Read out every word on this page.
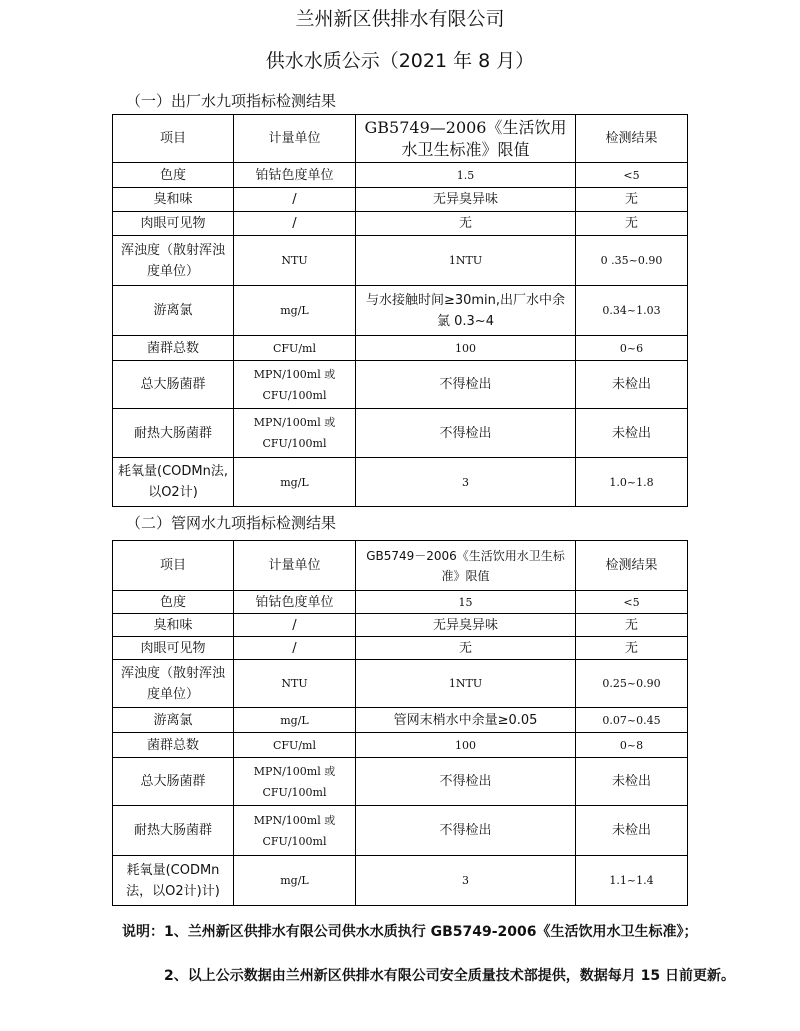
兰州新区供排水有限公司
供水水质公示（2021 年 8 月）
（一）出厂水九项指标检测结果
项目	计量单位	GB5749—2006《生活饮用水卫生标准》限值	检测结果
色度	铂钴色度单位	1.5	<5
臭和味	/	无异臭异味	无
肉眼可见物	/	无	无
浑浊度（散射浑浊度单位）	NTU	1NTU	0 .35~0.90
游离氯	mg/L	与水接触时间≥30min,出厂水中余氯 0.3~4	0.34~1.03
菌群总数	CFU/ml	100	0~6
总大肠菌群	MPN/100ml 或 CFU/100ml	不得检出	未检出
耐热大肠菌群	MPN/100ml 或 CFU/100ml	不得检出	未检出
耗氧量(CODMn法,以O2计)	mg/L	3	1.0~1.8
（二）管网水九项指标检测结果
项目	计量单位	GB5749－2006《生活饮用水卫生标准》限值	检测结果
色度	铂钴色度单位	15	<5
臭和味	/	无异臭异味	无
肉眼可见物	/	无	无
浑浊度（散射浑浊度单位）	NTU	1NTU	0.25~0.90
游离氯	mg/L	管网末梢水中余量≥0.05	0.07~0.45
菌群总数	CFU/ml	100	0~8
总大肠菌群	MPN/100ml 或 CFU/100ml	不得检出	未检出
耐热大肠菌群	MPN/100ml 或 CFU/100ml	不得检出	未检出
耗氧量(CODMn法，以O2计)计)	mg/L	3	1.1~1.4
说明：1、兰州新区供排水有限公司供水水质执行 GB5749-2006《生活饮用水卫生标准》；
2、以上公示数据由兰州新区供排水有限公司安全质量技术部提供，数据每月 15 日前更新。
